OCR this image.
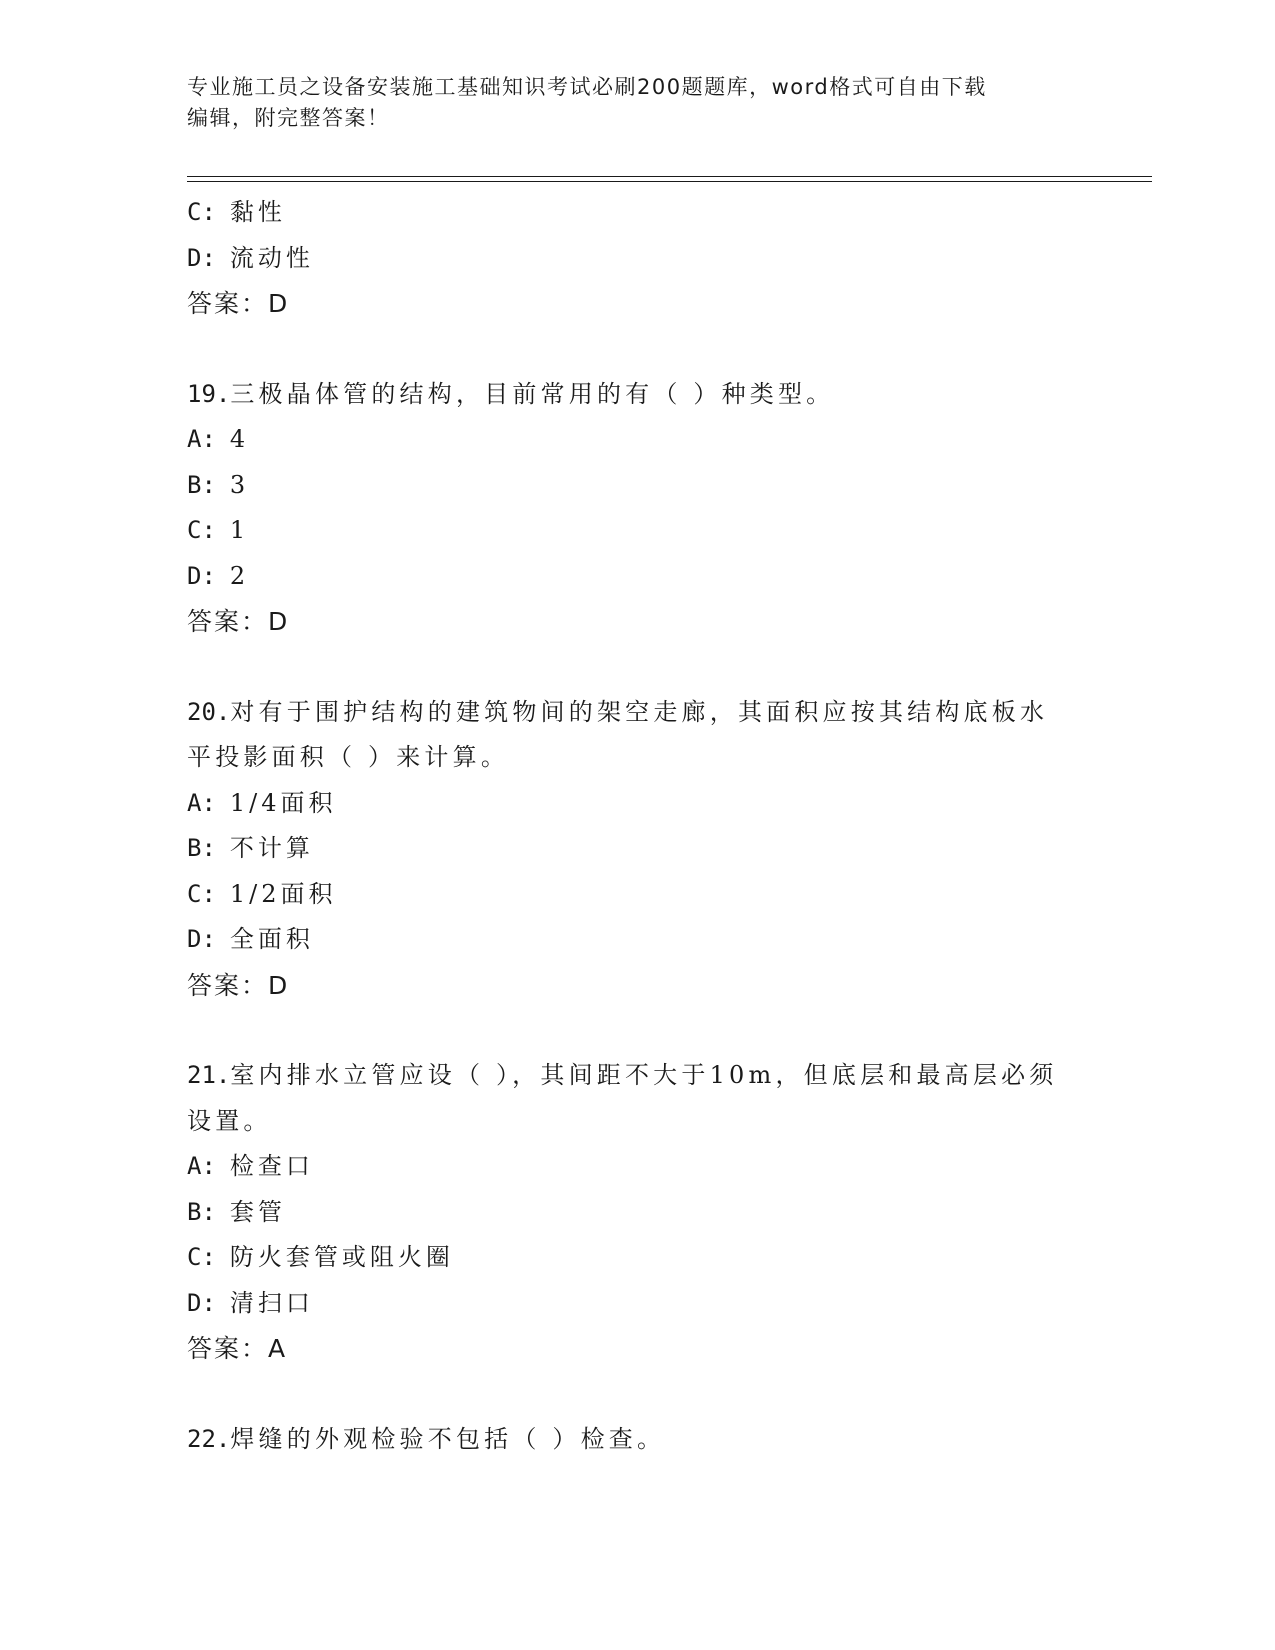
专业施工员之设备安装施工基础知识考试必刷200题题库，word格式可自由下载
编辑，附完整答案！
C: 黏性
D: 流动性
答案：D
19.三极晶体管的结构，目前常用的有（ ）种类型。
A: 4
B: 3
C: 1
D: 2
答案：D
20.对有于围护结构的建筑物间的架空走廊，其面积应按其结构底板水
平投影面积（ ）来计算。
A: 1/4面积
B: 不计算
C: 1/2面积
D: 全面积
答案：D
21.室内排水立管应设（ ），其间距不大于10m，但底层和最高层必须
设置。
A: 检查口
B: 套管
C: 防火套管或阻火圈
D: 清扫口
答案：A
22.焊缝的外观检验不包括（ ）检查。
